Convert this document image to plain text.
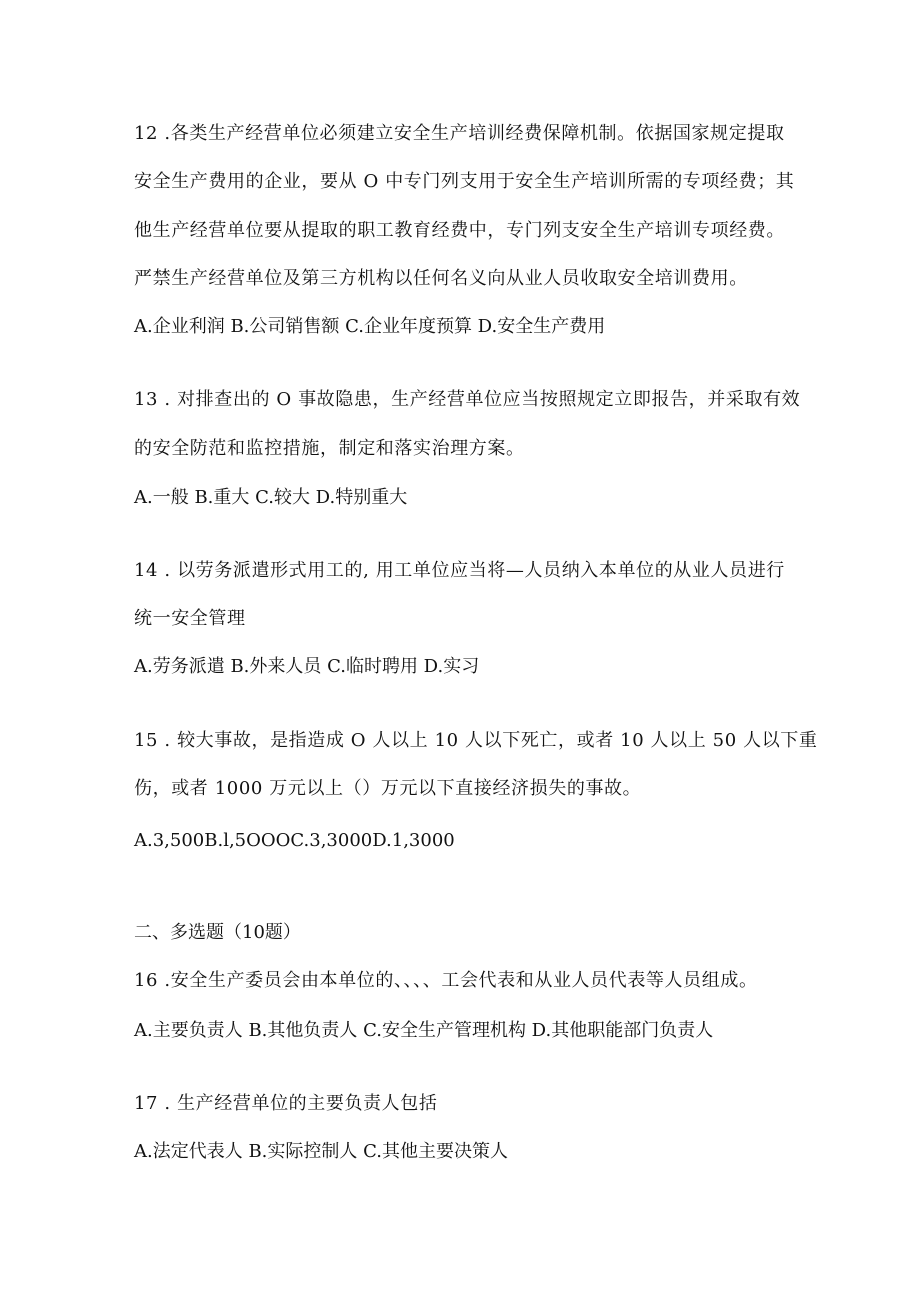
12 .各类生产经营单位必须建立安全生产培训经费保障机制。依据国家规定提取
安全生产费用的企业，要从 O 中专门列支用于安全生产培训所需的专项经费；其
他生产经营单位要从提取的职工教育经费中，专门列支安全生产培训专项经费。
严禁生产经营单位及第三方机构以任何名义向从业人员收取安全培训费用。
A.企业利润 B.公司销售额 C.企业年度预算 D.安全生产费用
13 . 对排查出的 O 事故隐患，生产经营单位应当按照规定立即报告，并采取有效
的安全防范和监控措施，制定和落实治理方案。
A.一般 B.重大 C.较大 D.特别重大
14 . 以劳务派遣形式用工的, 用工单位应当将—人员纳入本单位的从业人员进行
统一安全管理
A.劳务派遣 B.外来人员 C.临时聘用 D.实习
15 . 较大事故，是指造成 O 人以上 10 人以下死亡，或者 10 人以上 50 人以下重
伤，或者 1000 万元以上（）万元以下直接经济损失的事故。
A.3,500B.l,5OOOC.3,3000D.1,3000
二、多选题（10题）
16 .安全生产委员会由本单位的、、、、工会代表和从业人员代表等人员组成。
A.主要负责人 B.其他负责人 C.安全生产管理机构 D.其他职能部门负责人
17 . 生产经营单位的主要负责人包括
A.法定代表人 B.实际控制人 C.其他主要决策人
